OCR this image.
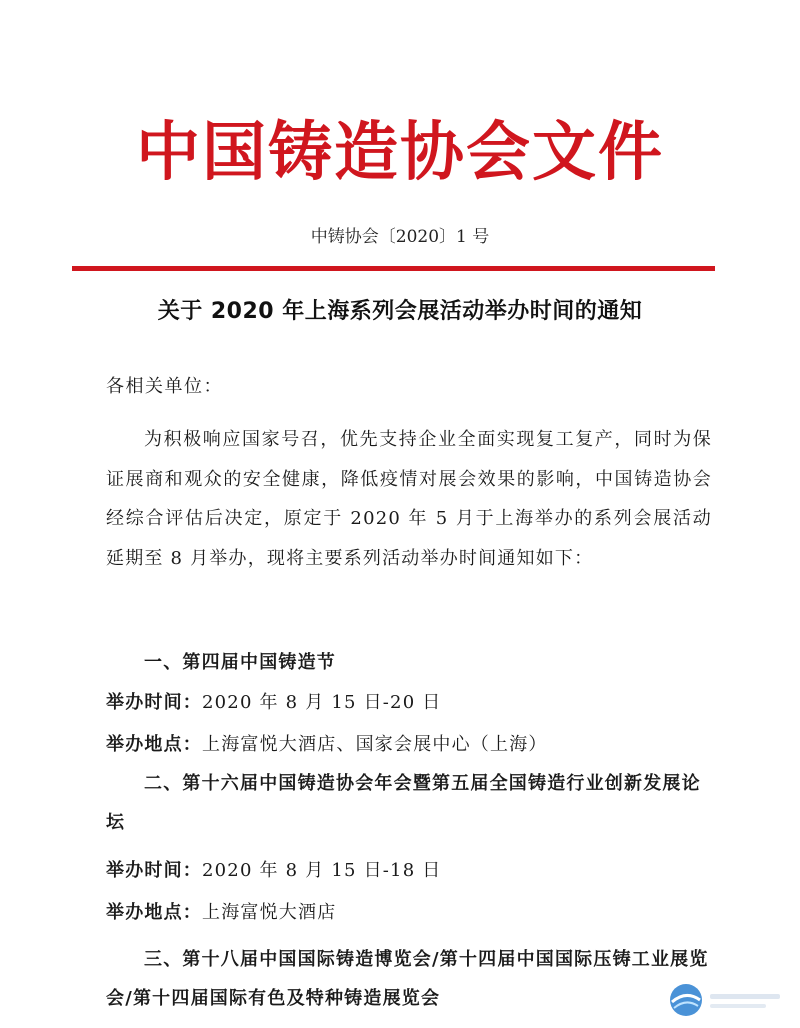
中国铸造协会文件
中铸协会〔2020〕1 号
关于 2020 年上海系列会展活动举办时间的通知
各相关单位：
为积极响应国家号召，优先支持企业全面实现复工复产，同时为保证展商和观众的安全健康，降低疫情对展会效果的影响，中国铸造协会经综合评估后决定，原定于 2020 年 5 月于上海举办的系列会展活动延期至 8 月举办，现将主要系列活动举办时间通知如下：
一、第四届中国铸造节
举办时间：2020 年 8 月 15 日-20 日
举办地点：上海富悦大酒店、国家会展中心（上海）
二、第十六届中国铸造协会年会暨第五届全国铸造行业创新发展论坛
举办时间：2020 年 8 月 15 日-18 日
举办地点：上海富悦大酒店
三、第十八届中国国际铸造博览会/第十四届中国国际压铸工业展览会/第十四届国际有色及特种铸造展览会
